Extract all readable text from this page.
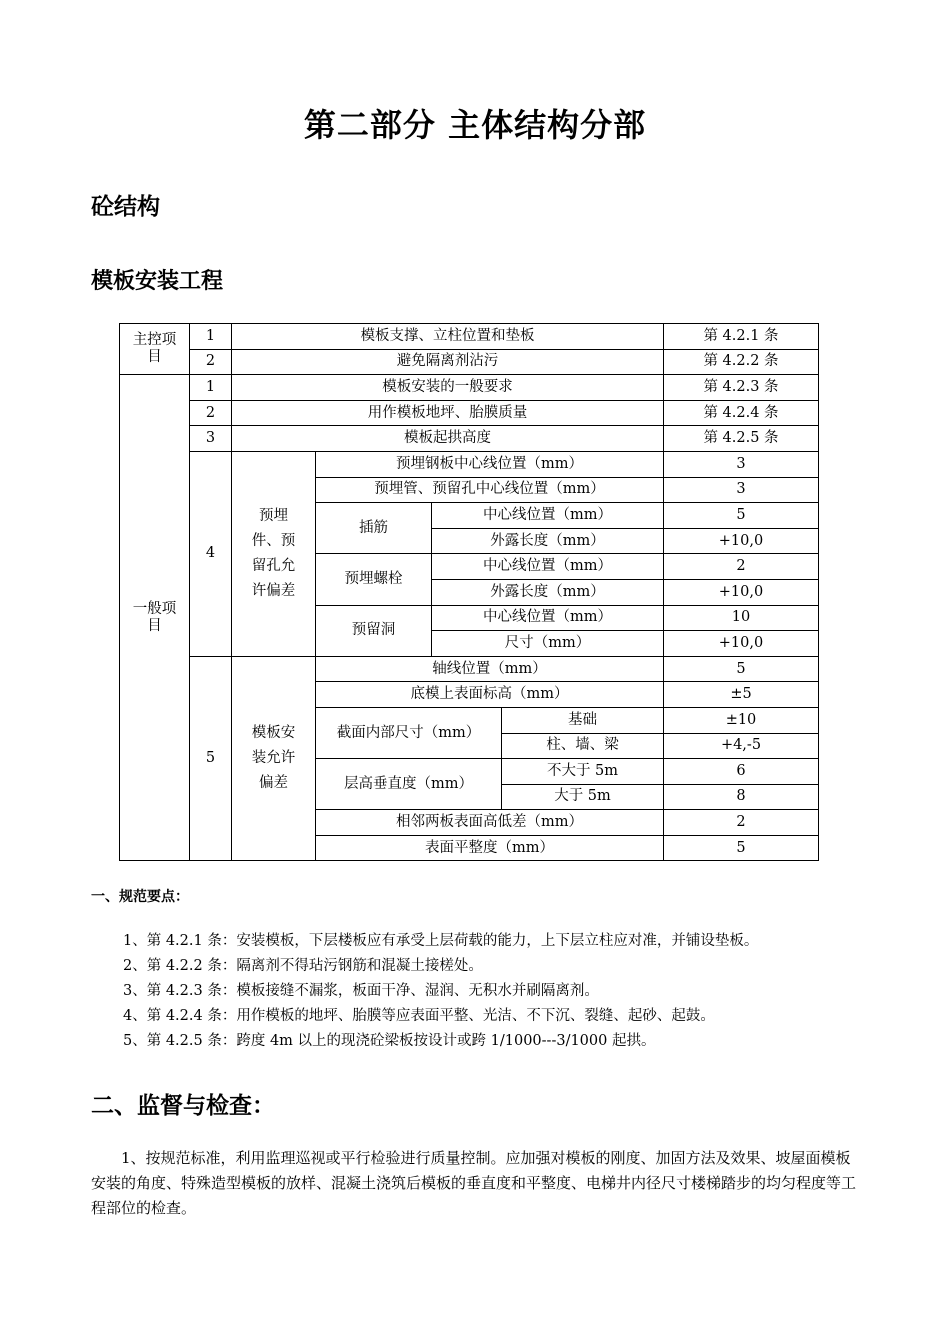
第二部分 主体结构分部
砼结构
模板安装工程
主控项目	1	模板支撑、立柱位置和垫板				第 4.2.1 条
	2	避免隔离剂沾污				第 4.2.2 条

一般项目	1	模板安装的一般要求				第 4.2.3 条
	2	用作模板地坪、胎膜质量				第 4.2.4 条
	3	模板起拱高度				第 4.2.5 条
	4	预埋件、预留孔允许偏差	预埋钢板中心线位置（mm）			3
			预埋管、预留孔中心线位置（mm）			3
			插筋	中心线位置（mm）		5
				外露长度（mm）		+10,0
			预埋螺栓	中心线位置（mm）		2
				外露长度（mm）		+10,0
			预留洞	中心线位置（mm）		10
				尺寸（mm）		+10,0
	5	模板安装允许偏差	轴线位置（mm）			5
			底模上表面标高（mm）			±5
			截面内部尺寸（mm）		基础	±10
					柱、墙、梁	+4,-5
			层高垂直度（mm）		不大于 5m	6
					大于 5m	8
			相邻两板表面高低差（mm）			2
			表面平整度（mm）			5
一、规范要点：
1、第 4.2.1 条：安装模板，下层楼板应有承受上层荷载的能力，上下层立柱应对准，并铺设垫板。
2、第 4.2.2 条：隔离剂不得玷污钢筋和混凝土接槎处。
3、第 4.2.3 条：模板接缝不漏浆，板面干净、湿润、无积水并刷隔离剂。
4、第 4.2.4 条：用作模板的地坪、胎膜等应表面平整、光洁、不下沉、裂缝、起砂、起鼓。
5、第 4.2.5 条：跨度 4m 以上的现浇砼梁板按设计或跨 1/1000---3/1000 起拱。
二、监督与检查：
1、按规范标准，利用监理巡视或平行检验进行质量控制。应加强对模板的刚度、加固方法及效果、坡屋面模板安装的角度、特殊造型模板的放样、混凝土浇筑后模板的垂直度和平整度、电梯井内径尺寸楼梯踏步的均匀程度等工程部位的检查。
